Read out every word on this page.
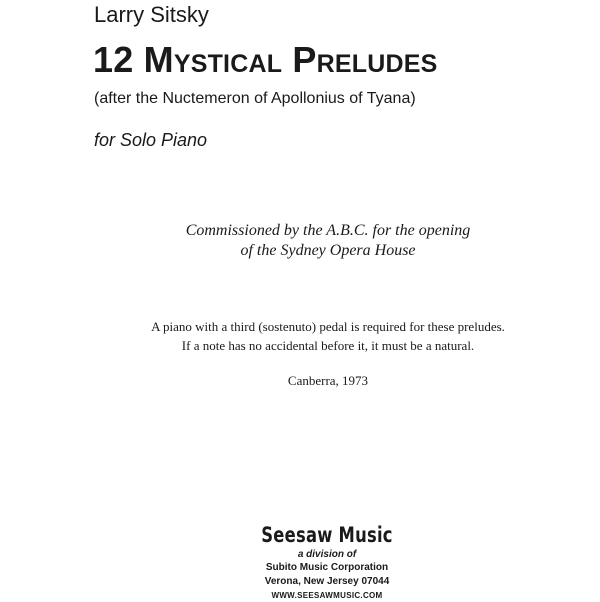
Larry Sitsky
12 Mystical Preludes
(after the Nuctemeron of Apollonius of Tyana)
for Solo Piano
Commissioned by the A.B.C. for the opening
of the Sydney Opera House
A piano with a third (sostenuto) pedal is required for these preludes.
If a note has no accidental before it, it must be a natural.
Canberra, 1973
Seesaw Music
a division of
Subito Music Corporation
Verona, New Jersey 07044
WWW.SEESAWMUSIC.COM
